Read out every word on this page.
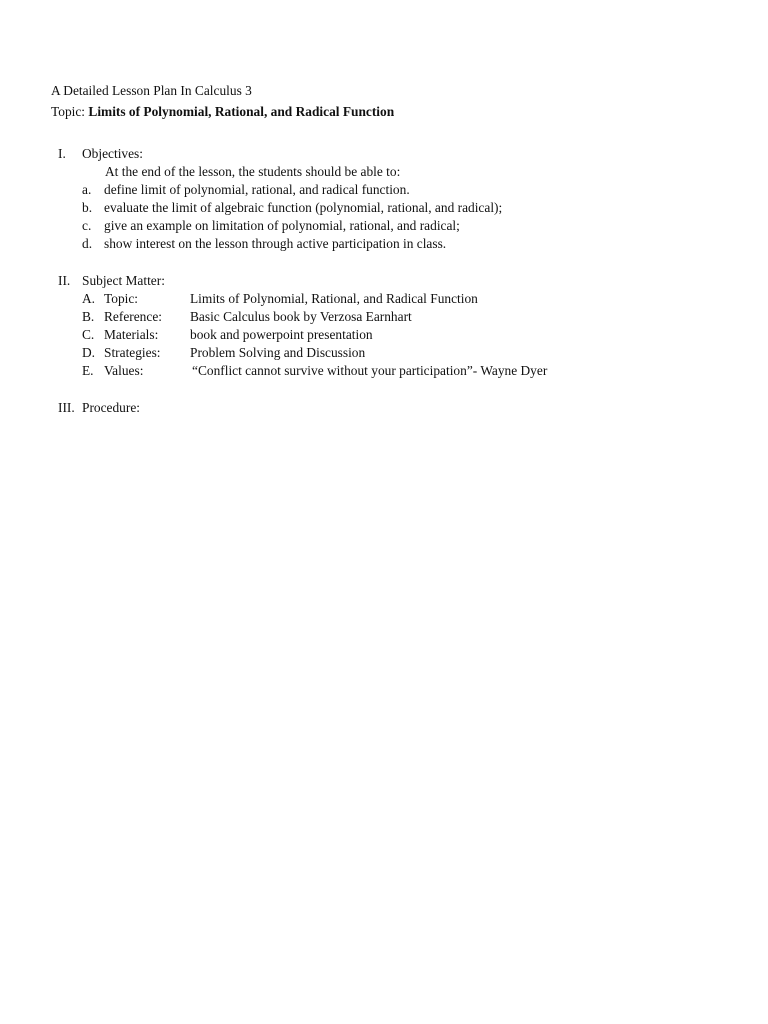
A Detailed Lesson Plan In Calculus 3
Topic: Limits of Polynomial, Rational, and Radical Function
I. Objectives:
At the end of the lesson, the students should be able to:
a. define limit of polynomial, rational, and radical function.
b. evaluate the limit of algebraic function (polynomial, rational, and radical);
c. give an example on limitation of polynomial, rational, and radical;
d. show interest on the lesson through active participation in class.
II. Subject Matter:
A. Topic:	Limits of Polynomial, Rational, and Radical Function
B. Reference: Basic Calculus book by Verzosa Earnhart
C. Materials: book and powerpoint presentation
D. Strategies: Problem Solving and Discussion
E. Values:	“Conflict cannot survive without your participation”- Wayne Dyer
III. Procedure:
